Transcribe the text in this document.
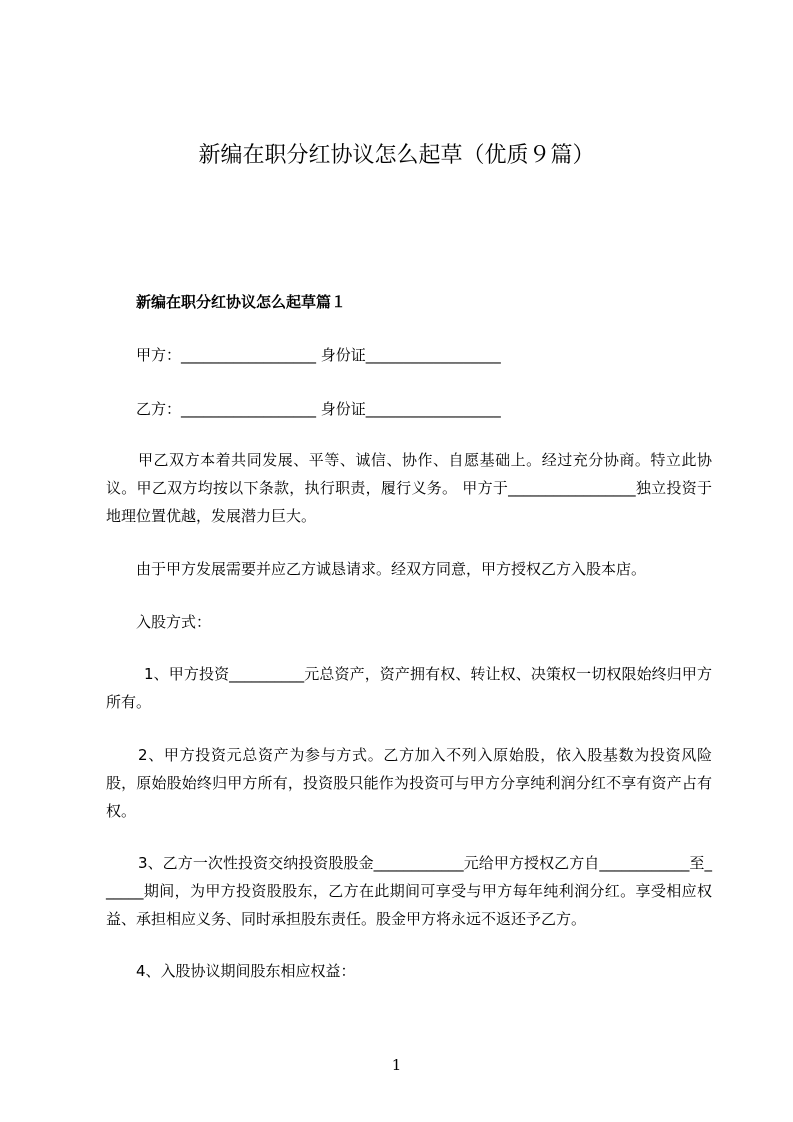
新编在职分红协议怎么起草（优质９篇）
新编在职分红协议怎么起草篇１
甲方：__________________ 身份证__________________
乙方：__________________ 身份证__________________
甲乙双方本着共同发展、平等、诚信、协作、自愿基础上。经过充分协商。特立此协议。甲乙双方均按以下条款，执行职责，履行义务。 甲方于_________________独立投资于地理位置优越，发展潜力巨大。
由于甲方发展需要并应乙方诚恳请求。经双方同意，甲方授权乙方入股本店。
入股方式：
1、甲方投资__________元总资产，资产拥有权、转让权、决策权一切权限始终归甲方所有。
2、甲方投资元总资产为参与方式。乙方加入不列入原始股，依入股基数为投资风险股，原始股始终归甲方所有，投资股只能作为投资可与甲方分享纯利润分红不享有资产占有权。
3、乙方一次性投资交纳投资股股金____________元给甲方授权乙方自____________至______期间，为甲方投资股股东，乙方在此期间可享受与甲方每年纯利润分红。享受相应权益、承担相应义务、同时承担股东责任。股金甲方将永远不返还予乙方。
4、入股协议期间股东相应权益：
1
